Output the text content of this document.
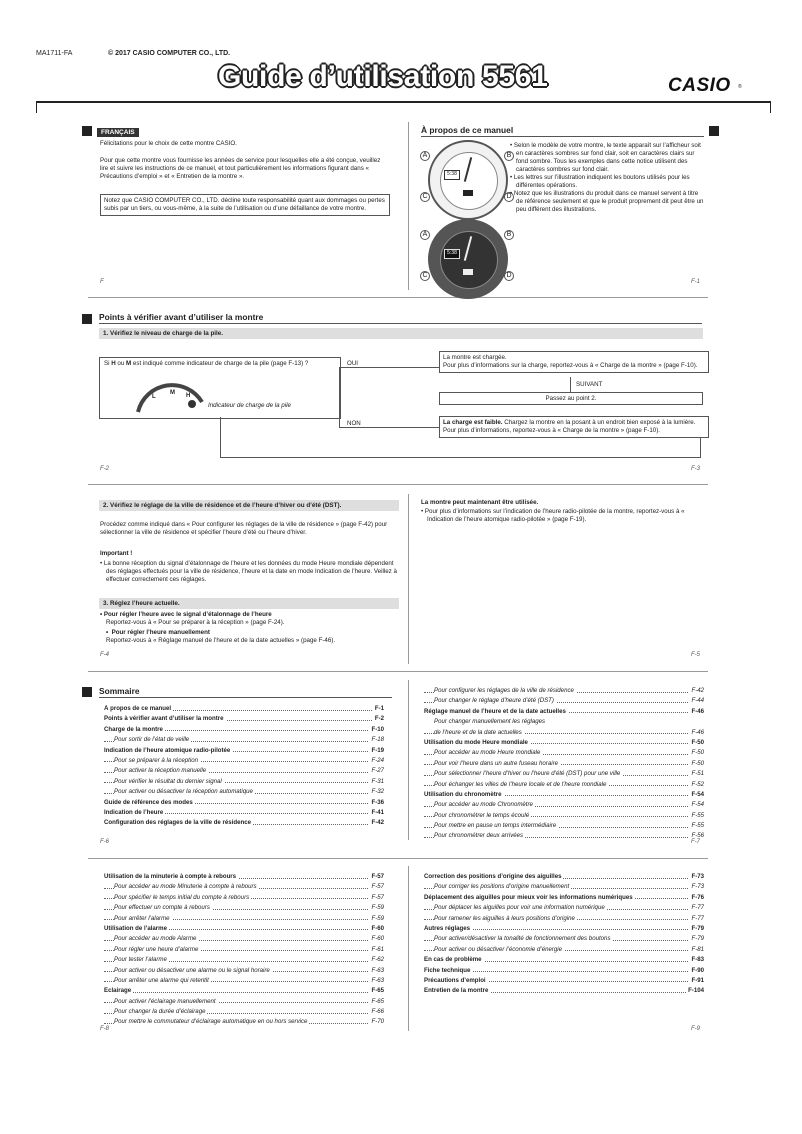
MA1711-FA	© 2017 CASIO COMPUTER CO., LTD.
Guide d’utilisation 5561	CASIO ®
FRANÇAIS
Félicitations pour le choix de cette montre CASIO.
Pour que cette montre vous fournisse les années de service pour lesquelles elle a été conçue, veuillez lire et suivre les instructions de ce manuel, et tout particulièrement les informations figurant dans « Précautions d’emploi » et « Entretien de la montre ».
Notez que CASIO COMPUTER CO., LTD. décline toute responsabilité quant aux dommages ou pertes subis par un tiers, ou vous-même, à la suite de l’utilisation ou d’une défaillance de votre montre.
F
À propos de ce manuel
5:38
5:38
A	B
C	D
A	B
C	D
• Selon le modèle de votre montre, le texte apparaît sur l’afficheur soit en caractères sombres sur fond clair, soit en caractères clairs sur fond sombre. Tous les exemples dans cette notice utilisent des caractères sombres sur fond clair.
• Les lettres sur l’illustration indiquent les boutons utilisés pour les différentes opérations.
• Notez que les illustrations du produit dans ce manuel servent à titre de référence seulement et que le produit proprement dit peut être un peu différent des illustrations.
F-1
Points à vérifier avant d’utiliser la montre
1. Vérifiez le niveau de charge de la pile.
Si H ou M est indiqué comme indicateur de charge de la pile (page F-13) ?
L
M H
Indicateur de charge de la pile
OUI
NON
La montre est chargée.
Pour plus d’informations sur la charge, reportez-vous à « Charge de la montre » (page F-10).
SUIVANT
Passez au point 2.
La charge est faible. Chargez la montre en la posant à un endroit bien exposé à la lumière. Pour plus d’informations, reportez-vous à « Charge de la montre » (page F-10).
F-2	F-3
2. Vérifiez le réglage de la ville de résidence et de l’heure d’hiver ou d’été (DST).
Procédez comme indiqué dans « Pour configurer les réglages de la ville de résidence » (page F-42) pour sélectionner la ville de résidence et spécifier l’heure d’été ou l’heure d’hiver.
Important !
• La bonne réception du signal d’étalonnage de l’heure et les données du mode Heure mondiale dépendent des réglages effectués pour la ville de résidence, l’heure et la date en mode Indication de l’heure. Veillez à effectuer correctement ces réglages.
3. Réglez l’heure actuelle.
• Pour régler l’heure avec le signal d’étalonnage de l’heure
Reportez-vous à « Pour se préparer à la réception » (page F-24).
•  Pour régler l’heure manuellement
Reportez-vous à « Réglage manuel de l’heure et de la date actuelles » (page F-46).
F-4
La montre peut maintenant être utilisée.
• Pour plus d’informations sur l’indication de l’heure radio-pilotée de la montre, reportez-vous à « Indication de l’heure atomique radio-pilotée » (page F-19).
F-5
Sommaire
À propos de ce manuel	F-1
Points à vérifier avant d’utiliser la montre	F-2
Charge de la montre	F-10
Pour sortir de l’état de veille	F-18
Indication de l’heure atomique radio-pilotée	F-19
Pour se préparer à la réception	F-24
Pour activer la réception manuelle	F-27
Pour vérifier le résultat du dernier signal	F-31
Pour activer ou désactiver la réception automatique	F-32
Guide de référence des modes	F-36
Indication de l’heure	F-41
Configuration des réglages de la ville de résidence	F-42
Pour configurer les réglages de la ville de résidence	F-42
Pour changer le réglage d’heure d’été (DST)	F-44
Réglage manuel de l’heure et de la date actuelles	F-46
Pour changer manuellement les réglages
de l’heure et de la date actuelles	F-46
Utilisation du mode Heure mondiale	F-50
Pour accéder au mode Heure mondiale	F-50
Pour voir l’heure dans un autre fuseau horaire	F-50
Pour sélectionner l’heure d’hiver ou l’heure d’été (DST) pour une ville	F-51
Pour échanger les villes de l’heure locale et de l’heure mondiale	F-52
Utilisation du chronomètre	F-54
Pour accéder au mode Chronomètre	F-54
Pour chronométrer le temps écoulé	F-55
Pour mettre en pause un temps intermédiaire	F-55
Pour chronométrer deux arrivées	F-56
F-6	F-7
Utilisation de la minuterie à compte à rebours	F-57
Pour accéder au mode Minuterie à compte à rebours	F-57
Pour spécifier le temps initial du compte à rebours	F-57
Pour effectuer un compte à rebours	F-59
Pour arrêter l’alarme	F-59
Utilisation de l’alarme	F-60
Pour accéder au mode Alarme	F-60
Pour régler une heure d’alarme	F-61
Pour tester l’alarme	F-62
Pour activer ou désactiver une alarme ou le signal horaire	F-63
Pour arrêter une alarme qui retentit	F-63
Éclairage	F-65
Pour activer l’éclairage manuellement	F-65
Pour changer la durée d’éclairage	F-66
Pour mettre le commutateur d’éclairage automatique en ou hors service	F-70
Correction des positions d’origine des aiguilles	F-73
Pour corriger les positions d’origine manuellement	F-73
Déplacement des aiguilles pour mieux voir les informations numériques	F-76
Pour déplacer les aiguilles pour voir une information numérique	F-77
Pour ramener les aiguilles à leurs positions d’origine	F-77
Autres réglages	F-79
Pour activer/désactiver la tonalité de fonctionnement des boutons	F-79
Pour activer ou désactiver l’économie d’énergie	F-81
En cas de problème	F-83
Fiche technique	F-90
Précautions d’emploi	F-91
Entretien de la montre	F-104
F-8	F-9
